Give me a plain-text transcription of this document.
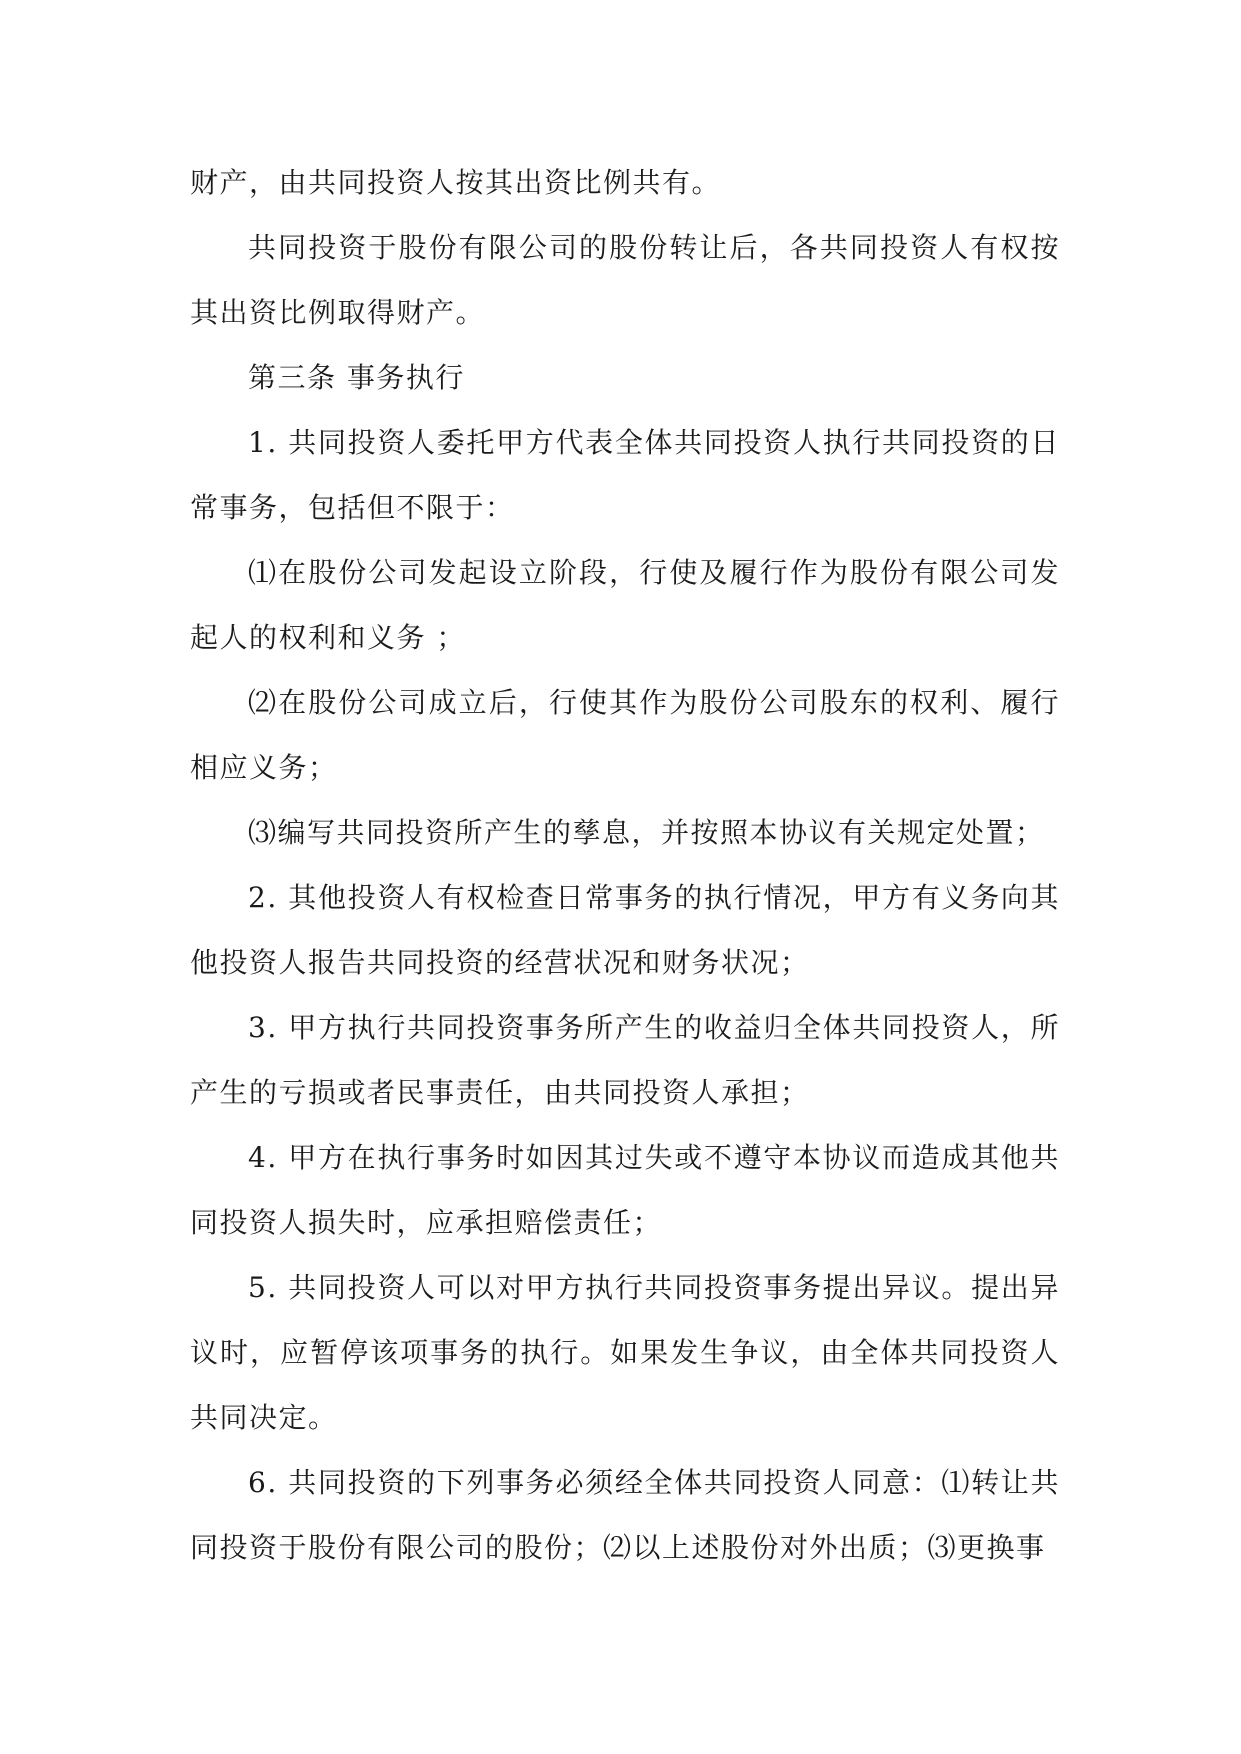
财产，由共同投资人按其出资比例共有。

共同投资于股份有限公司的股份转让后，各共同投资人有权按其出资比例取得财产。

第三条 事务执行

1. 共同投资人委托甲方代表全体共同投资人执行共同投资的日常事务，包括但不限于：

⑴在股份公司发起设立阶段，行使及履行作为股份有限公司发起人的权利和义务 ；

⑵在股份公司成立后，行使其作为股份公司股东的权利、履行相应义务；

⑶编写共同投资所产生的孳息，并按照本协议有关规定处置；

2. 其他投资人有权检查日常事务的执行情况，甲方有义务向其他投资人报告共同投资的经营状况和财务状况；

3. 甲方执行共同投资事务所产生的收益归全体共同投资人，所产生的亏损或者民事责任，由共同投资人承担；

4. 甲方在执行事务时如因其过失或不遵守本协议而造成其他共同投资人损失时，应承担赔偿责任；

5. 共同投资人可以对甲方执行共同投资事务提出异议。提出异议时，应暂停该项事务的执行。如果发生争议，由全体共同投资人共同决定。

6. 共同投资的下列事务必须经全体共同投资人同意：⑴转让共同投资于股份有限公司的股份；⑵以上述股份对外出质；⑶更换事
